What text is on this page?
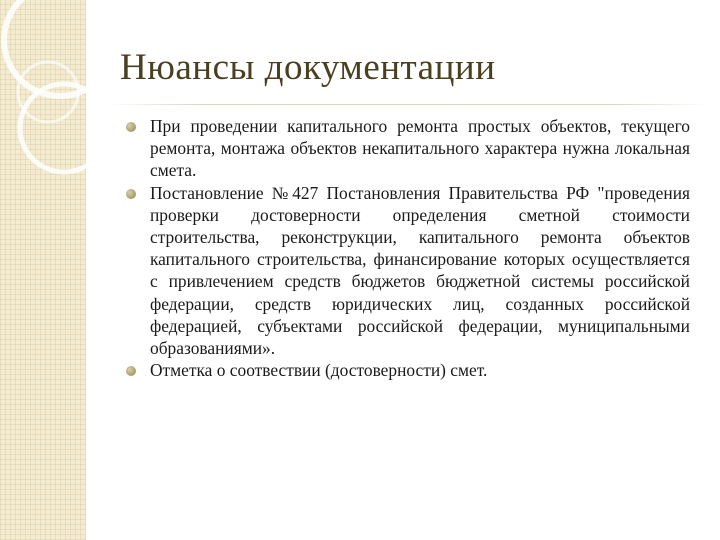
Нюансы документации
При проведении капитального ремонта простых объектов, текущего ремонта, монтажа объектов некапитального характера нужна локальная смета.
Постановление №427 Постановления Правительства РФ "проведения проверки достоверности определения сметной стоимости строительства, реконструкции, капитального ремонта объектов капитального строительства, финансирование которых осуществляется с привлечением средств бюджетов бюджетной системы российской федерации, средств юридических лиц, созданных российской федерацией, субъектами российской федерации, муниципальными образованиями».
Отметка о соотвествии (достоверности) смет.
